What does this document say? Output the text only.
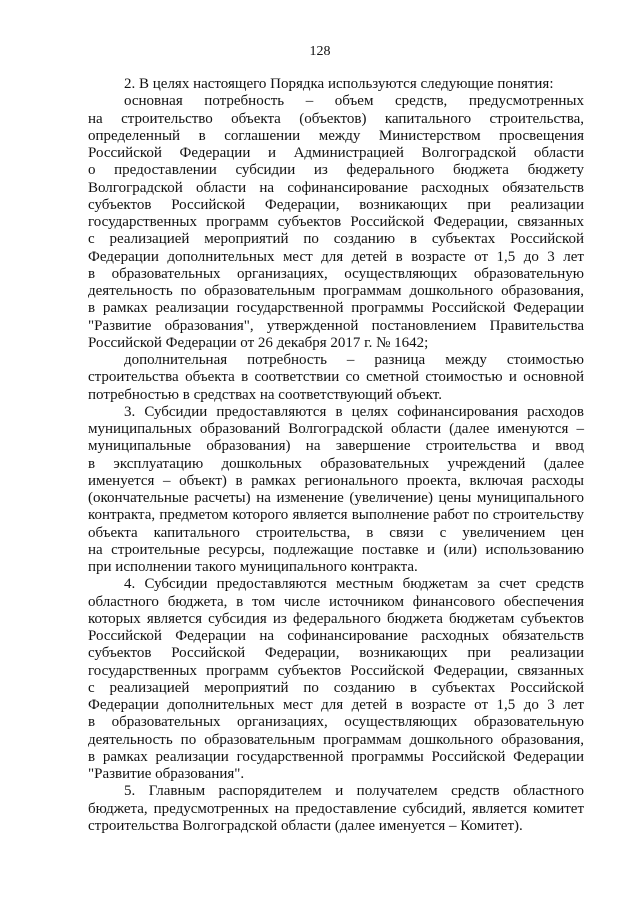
128
2. В целях настоящего Порядка используются следующие понятия:
основная потребность – объем средств, предусмотренных
на строительство объекта (объектов) капитального строительства,
определенный в соглашении между Министерством просвещения
Российской Федерации и Администрацией Волгоградской области
о предоставлении субсидии из федерального бюджета бюджету
Волгоградской области на софинансирование расходных обязательств
субъектов Российской Федерации, возникающих при реализации
государственных программ субъектов Российской Федерации, связанных
с реализацией мероприятий по созданию в субъектах Российской
Федерации дополнительных мест для детей в возрасте от 1,5 до 3 лет
в образовательных организациях, осуществляющих образовательную
деятельность по образовательным программам дошкольного образования,
в рамках реализации государственной программы Российской Федерации
"Развитие образования", утвержденной постановлением Правительства
Российской Федерации от 26 декабря 2017 г. № 1642;
дополнительная потребность – разница между стоимостью
строительства объекта в соответствии со сметной стоимостью и основной
потребностью в средствах на соответствующий объект.
3. Субсидии предоставляются в целях софинансирования расходов
муниципальных образований Волгоградской области (далее именуются –
муниципальные образования) на завершение строительства и ввод
в эксплуатацию дошкольных образовательных учреждений (далее
именуется – объект) в рамках регионального проекта, включая расходы
(окончательные расчеты) на изменение (увеличение) цены муниципального
контракта, предметом которого является выполнение работ по строительству
объекта капитального строительства, в связи с увеличением цен
на строительные ресурсы, подлежащие поставке и (или) использованию
при исполнении такого муниципального контракта.
4. Субсидии предоставляются местным бюджетам за счет средств
областного бюджета, в том числе источником финансового обеспечения
которых является субсидия из федерального бюджета бюджетам субъектов
Российской Федерации на софинансирование расходных обязательств
субъектов Российской Федерации, возникающих при реализации
государственных программ субъектов Российской Федерации, связанных
с реализацией мероприятий по созданию в субъектах Российской
Федерации дополнительных мест для детей в возрасте от 1,5 до 3 лет
в образовательных организациях, осуществляющих образовательную
деятельность по образовательным программам дошкольного образования,
в рамках реализации государственной программы Российской Федерации
"Развитие образования".
5. Главным распорядителем и получателем средств областного
бюджета, предусмотренных на предоставление субсидий, является комитет
строительства Волгоградской области (далее именуется – Комитет).
